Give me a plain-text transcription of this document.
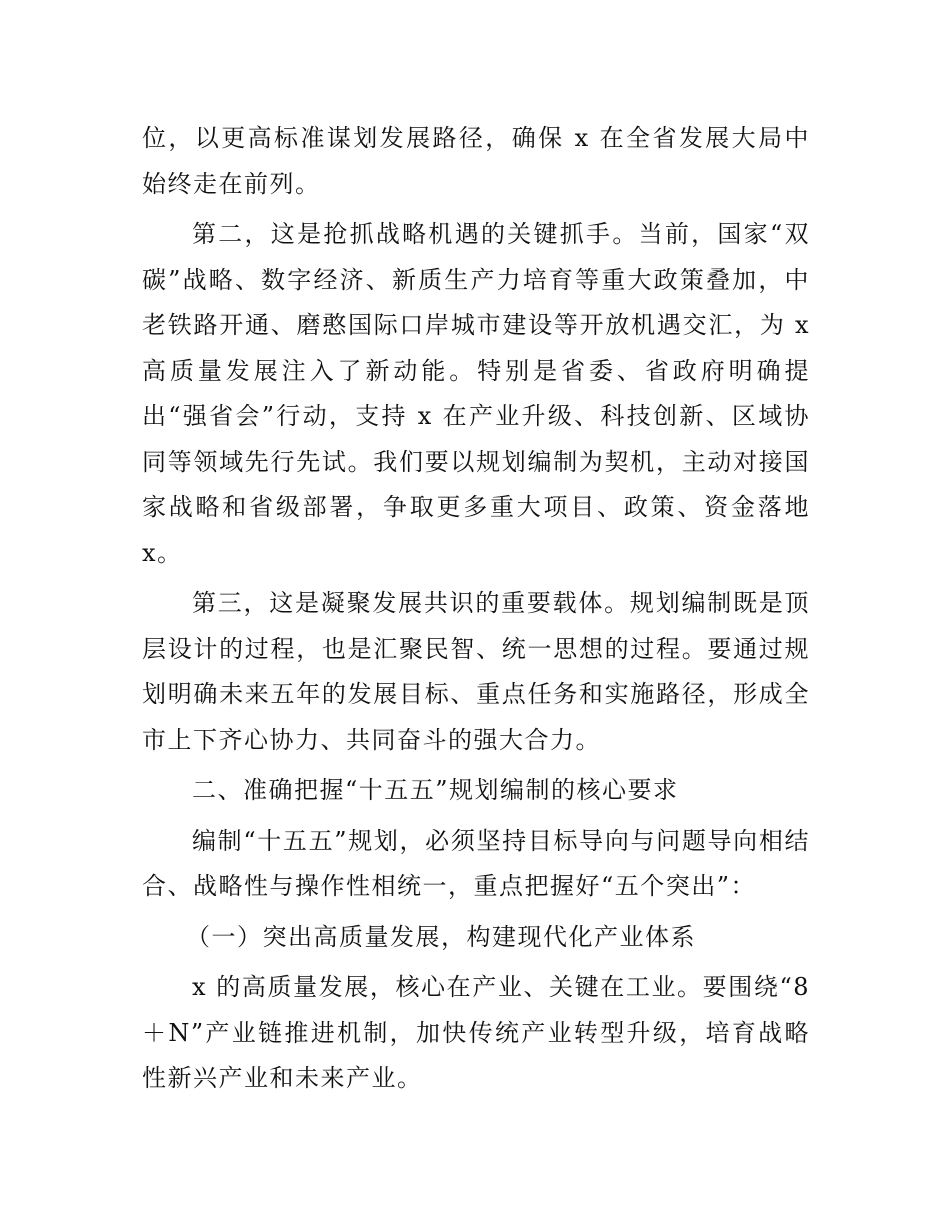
位，以更高标准谋划发展路径，确保 x 在全省发展大局中始终走在前列。

第二，这是抢抓战略机遇的关键抓手。当前，国家“双碳”战略、数字经济、新质生产力培育等重大政策叠加，中老铁路开通、磨憨国际口岸城市建设等开放机遇交汇，为 x 高质量发展注入了新动能。特别是省委、省政府明确提出“强省会”行动，支持 x 在产业升级、科技创新、区域协同等领域先行先试。我们要以规划编制为契机，主动对接国家战略和省级部署，争取更多重大项目、政策、资金落地 x。

第三，这是凝聚发展共识的重要载体。规划编制既是顶层设计的过程，也是汇聚民智、统一思想的过程。要通过规划明确未来五年的发展目标、重点任务和实施路径，形成全市上下齐心协力、共同奋斗的强大合力。

二、准确把握“十五五”规划编制的核心要求

编制“十五五”规划，必须坚持目标导向与问题导向相结合、战略性与操作性相统一，重点把握好“五个突出”：

（一）突出高质量发展，构建现代化产业体系

x 的高质量发展，核心在产业、关键在工业。要围绕“8＋N”产业链推进机制，加快传统产业转型升级，培育战略性新兴产业和未来产业。
